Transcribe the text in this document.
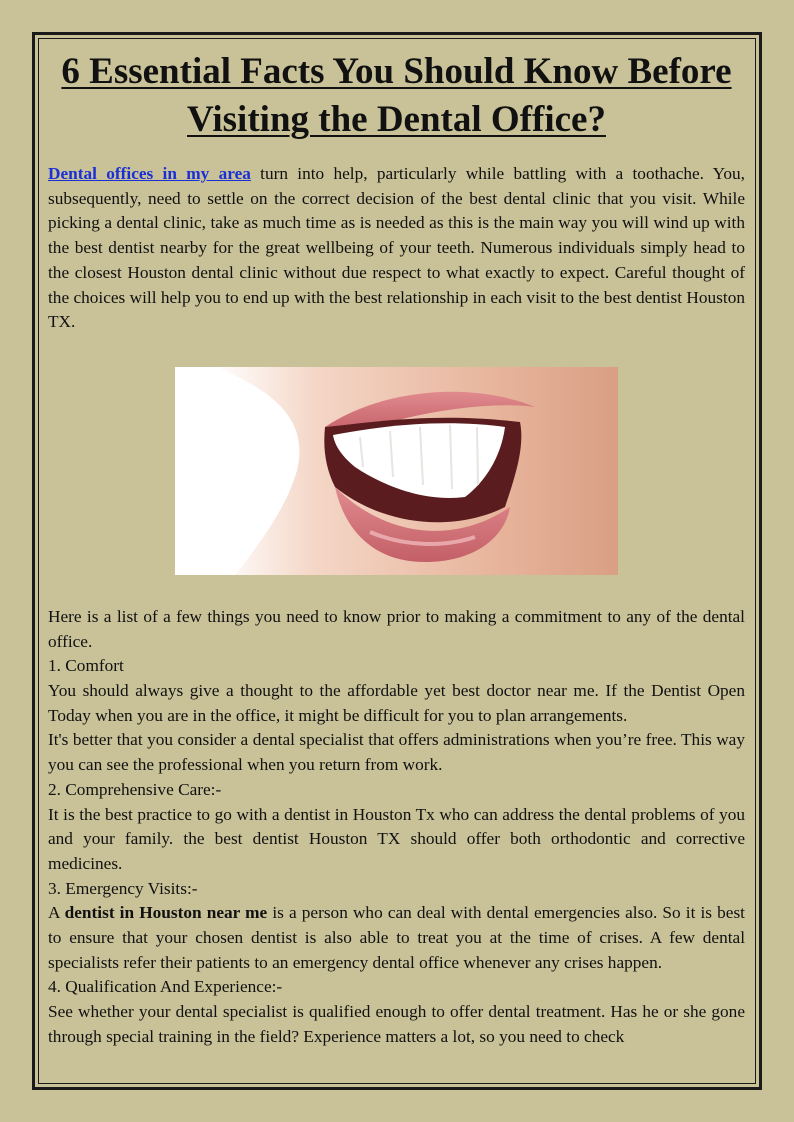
6 Essential Facts You Should Know Before Visiting the Dental Office?

Dental offices in my area turn into help, particularly while battling with a toothache. You, subsequently, need to settle on the correct decision of the best dental clinic that you visit. While picking a dental clinic, take as much time as is needed as this is the main way you will wind up with the best dentist nearby for the great wellbeing of your teeth. Numerous individuals simply head to the closest Houston dental clinic without due respect to what exactly to expect. Careful thought of the choices will help you to end up with the best relationship in each visit to the best dentist Houston TX.

Here is a list of a few things you need to know prior to making a commitment to any of the dental office.

1. Comfort

You should always give a thought to the affordable yet best doctor near me. If the Dentist Open Today when you are in the office, it might be difficult for you to plan arrangements.

It's better that you consider a dental specialist that offers administrations when you’re free. This way you can see the professional when you return from work.

2. Comprehensive Care:-

It is the best practice to go with a dentist in Houston Tx who can address the dental problems of you and your family. the best dentist Houston TX should offer both orthodontic and corrective medicines.

3. Emergency Visits:-

A dentist in Houston near me is a person who can deal with dental emergencies also. So it is best to ensure that your chosen dentist is also able to treat you at the time of crises. A few dental specialists refer their patients to an emergency dental office whenever any crises happen.

4. Qualification And Experience:-

See whether your dental specialist is qualified enough to offer dental treatment. Has he or she gone through special training in the field? Experience matters a lot, so you need to check
